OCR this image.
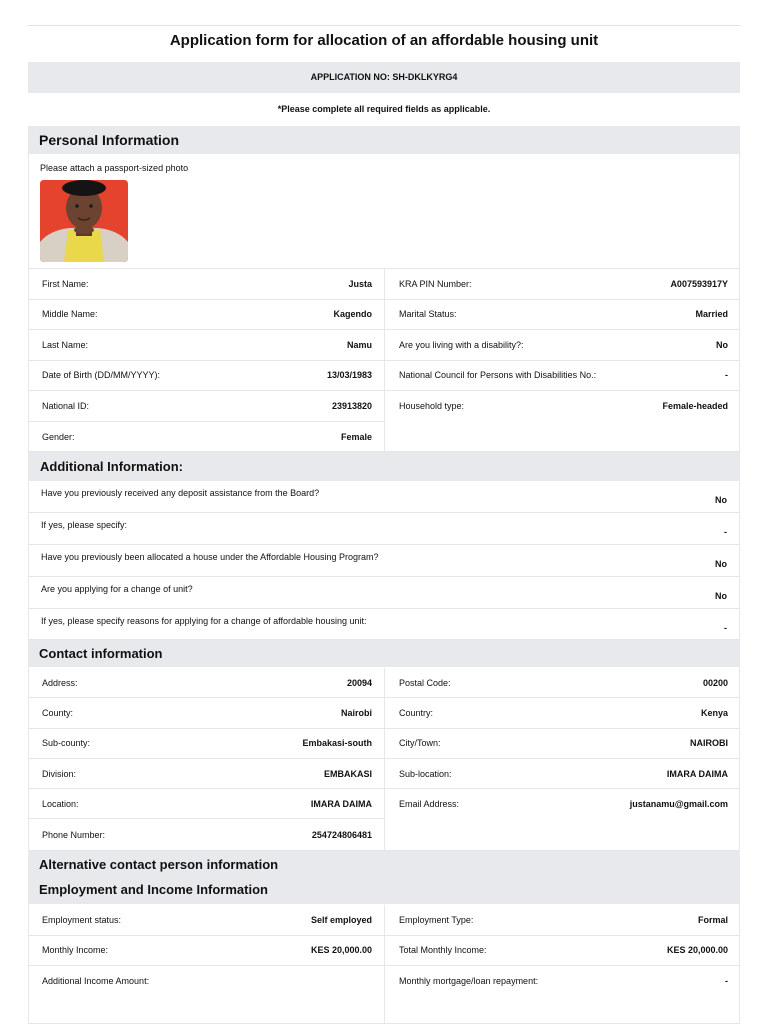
Application form for allocation of an affordable housing unit
APPLICATION NO: SH-DKLKYRG4
*Please complete all required fields as applicable.
Personal Information
Please attach a passport-sized photo
First Name:	Justa
Middle Name:	Kagendo
Last Name:	Namu
Date of Birth (DD/MM/YYYY):	13/03/1983
National ID:	23913820
Gender:	Female
KRA PIN Number:	A007593917Y
Marital Status:	Married
Are you living with a disability?:	No
National Council for Persons with Disabilities No.:	-
Household type:	Female-headed
Additional Information:
Have you previously received any deposit assistance from the Board?
No
If yes, please specify:
-
Have you previously been allocated a house under the Affordable Housing Program?
No
Are you applying for a change of unit?
No
If yes, please specify reasons for applying for a change of affordable housing unit:
-
Contact information
Address:	20094
County:	Nairobi
Sub-county:	Embakasi-south
Division:	EMBAKASI
Location:	IMARA DAIMA
Phone Number:	254724806481
Postal Code:	00200
Country:	Kenya
City/Town:	NAIROBI
Sub-location:	IMARA DAIMA
Email Address:	justanamu@gmail.com
Alternative contact person information
Employment and Income Information
Employment status:	Self employed
Monthly Income:	KES 20,000.00
Additional Income Amount:
Employment Type:	Formal
Total Monthly Income:	KES 20,000.00
Monthly mortgage/loan repayment:	-
